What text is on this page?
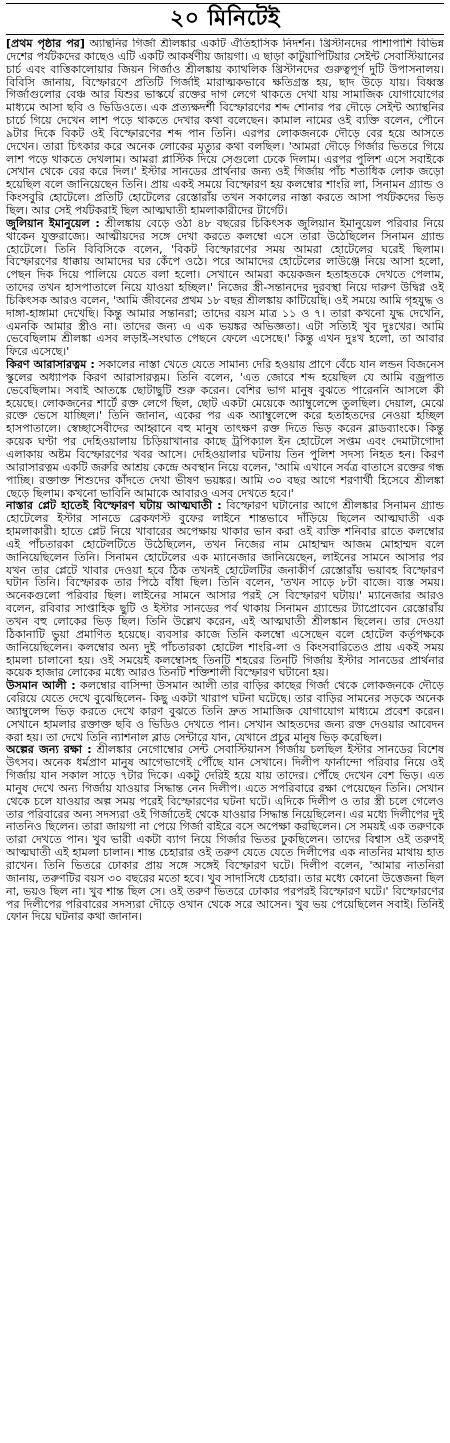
২০ মিনিটেই

[প্রথম পৃষ্ঠার পর] অ্যান্থনির গির্জা শ্রীলঙ্কার একটি ঐতিহাসিক নিদর্শন। খ্রিস্টানদের পাশাপাশি বিভিন্ন দেশের পর্যটকদের কাছেও এটি একটি আকর্ষণীয় জায়গা। এ ছাড়া কাটুয়াপিটিয়ার সেইন্ট সেবাস্টিয়ানের চার্চ এবং বাত্তিকালোয়ার জিয়ন গির্জাও শ্রীলঙ্কায় ক্যাথলিক খ্রিস্টানদের গুরুত্বপূর্ণ দুটি উপাসনালয়। বিবিসি জানায়, বিস্ফোরণে প্রতিটি গির্জাই মারাত্মকভাবে ক্ষতিগ্রস্ত হয়, ছাদ উড়ে যায়। বিধ্বস্ত গির্জাগুলোর বেঞ্চ আর যিশুর ভাস্কর্যে রক্তের দাগ লেগে থাকতে দেখা যায় সামাজিক যোগাযোগের মাধ্যমে আসা ছবি ও ভিডিওতে। এক প্রত্যক্ষদর্শী বিস্ফোরণের শব্দ শোনার পর দৌড়ে সেইন্ট অ্যান্থনির চার্চে গিয়ে দেখেন লাশ পড়ে থাকতে দেখার কথা বলেছেন। কামাল নামের ওই ব্যক্তি বলেন, পৌনে ৯টার দিকে বিকট ওই বিস্ফোরণের শব্দ পান তিনি। এরপর লোকজনকে দৌড়ে বের হয়ে আসতে দেখেন। তারা চিৎকার করে অনেক লোকের মৃত্যুর কথা বলছিল। 'আমরা দৌড়ে গির্জার ভিতরে গিয়ে লাশ পড়ে থাকতে দেখলাম। আমরা প্লাস্টিক দিয়ে সেগুলো ঢেকে দিলাম। এরপর পুলিশ এসে সবাইকে সেখান থেকে বের করে দিল।' ইস্টার সানডের প্রার্থনার জন্য ওই গির্জায় পাঁচ শতাধিক লোক জড়ো হয়েছিল বলে জানিয়েছেন তিনি। প্রায় একই সময়ে বিস্ফোরণ হয় কলম্বোর শাংরি লা, সিনামন গ্র্যান্ড ও কিংসবুরি হোটেলে। প্রতিটি হোটেলের রেস্তোরাঁয় তখন সকালের নাস্তা করতে আসা পর্যটকদের ভিড় ছিল। আর সেই পর্যটকরাই ছিল আত্মঘাতী হামলাকারীদের টার্গেট।

জুলিয়ান ইমানুয়েল : শ্রীলঙ্কায় বেড়ে ওঠা ৪৮ বছরের চিকিৎসক জুলিয়ান ইমানুয়েল পরিবার নিয়ে থাকেন যুক্তরাজ্যে। আত্মীয়দের সঙ্গে দেখা করতে কলম্বো এসে তারা উঠেছিলেন সিনামন গ্র্যান্ড হোটেলে। তিনি বিবিসিকে বলেন, 'বিকট বিস্ফোরণের সময় আমরা হোটেলের ঘরেই ছিলাম। বিস্ফোরণের ধাক্কায় আমাদের ঘর কেঁপে ওঠে। পরে আমাদের হোটেলের লাউঞ্জে নিয়ে আসা হলো, পেছন দিক দিয়ে পালিয়ে যেতে বলা হলো। সেখানে আমরা কয়েকজন হতাহতকে দেখতে পেলাম, তাদের তখন হাসপাতালে নিয়ে যাওয়া হচ্ছিল।' নিজের স্ত্রী-সন্তানদের দুরবস্থা নিয়ে দারুণ উদ্বিগ্ন ওই চিকিৎসক আরও বলেন, 'আমি জীবনের প্রথম ১৮ বছর শ্রীলঙ্কায় কাটিয়েছি। ওই সময়ে আমি গৃহযুদ্ধ ও দাঙ্গা-হাঙ্গামা দেখেছি। কিন্তু আমার সন্তানরা; তাদের বয়স মাত্র ১১ ও ৭। তারা কখনো যুদ্ধ দেখেনি, এমনকি আমার স্ত্রীও না। তাদের জন্য এ এক ভয়ঙ্কর অভিজ্ঞতা। এটা সত্যিই খুব দুঃখের। আমি ভেবেছিলাম শ্রীলঙ্কা এসব লড়াই-সংঘাত পেছনে ফেলে এসেছে।' কিন্তু এখন দুঃখ হলো, তা আবার ফিরে এসেছে।'

কিরণ আরাসারত্নম : সকালের নাস্তা খেতে যেতে সামান্য দেরি হওয়ায় প্রাণে বেঁচে যান লন্ডন বিজনেস স্কুলের অধ্যাপক কিরণ আরাসারত্নম। তিনি বলেন, 'এত জোরে শব্দ হয়েছিল যে আমি বজ্রপাত ভেবেছিলাম। সবাই আতঙ্কে ছোটাছুটি শুরু করেন। বেশির ভাগ মানুষ বুঝতে পারেননি আসলে কী হয়েছে। লোকজনের শার্টে রক্ত লেগে ছিল, ছোট একটা মেয়েকে অ্যাম্বুলেন্সে তুলছিল। দেয়াল, মেঝে রক্তে ভেসে যাচ্ছিল।' তিনি জানান, একের পর এক অ্যাম্বুলেন্সে করে হতাহতদের নেওয়া হচ্ছিল হাসপাতালে। স্বেচ্ছাসেবীদের আহ্বানে বহু মানুষ তাৎক্ষণ রক্ত দিতে ভিড় করেন ব্লাডব্যাংকে। কিন্তু কয়েক ঘণ্টা পর দেহিওয়ালায় চিড়িয়াখানার কাছে ট্রপিক্যাল ইন হোটেলে সপ্তম এবং দেমাটাগোদা এলাকায় অষ্টম বিস্ফোরণের খবর আসে। দেহিওয়ালার ঘটনায় তিন পুলিশ সদস্য নিহত হন। কিরণ আরাসারত্নম একটি জরুরি আশ্রয় কেন্দ্রে অবস্থান নিয়ে বলেন, 'আমি এখানে সর্বত্র বাতাসে রক্তের গন্ধ পাচ্ছি। রক্তাক্ত শিশুদের কাঁদতে দেখা ভীষণ ভয়ঙ্কর। আমি ৩০ বছর আগে শরণার্থী হিসেবে শ্রীলঙ্কা ছেড়ে ছিলাম। কখনো ভাবিনি আমাকে আবারও এসব দেখতে হবে।'

নাস্তার প্লেট হাতেই বিস্ফোরণ ঘটায় আত্মঘাতী : বিস্ফোরণ ঘটানোর আগে শ্রীলঙ্কার সিনামন গ্র্যান্ড হোটেলের ইস্টার সানডে ব্রেকফাস্ট বুফের লাইনে শান্তভাবে দাঁড়িয়ে ছিলেন আত্মঘাতী এক হামলাকারী। হাতে প্লেট নিয়ে খাবারের অপেক্ষায় থাকার ভান করা ওই ব্যক্তি শনিবার রাতে কলম্বোর এই পাঁচতারকা হোটেলটিতে উঠেছিলেন, তখন নিজের নাম মোহাম্মদ আজম মোহাম্মদ বলে জানিয়েছিলেন তিনি। সিনামন হোটেলের এক ম্যানেজার জানিয়েছেন, লাইনের সামনে আসার পর যখন তার প্লেটে খাবার দেওয়া হবে ঠিক তখনই হোটেলটির জনাকীর্ণ রেস্তোরাঁয় ভয়াবহ বিস্ফোরণ ঘটান তিনি। বিস্ফোরক তার পিঠে বাঁধা ছিল। তিনি বলেন, 'তখন সাড়ে ৮টা বাজে। ব্যস্ত সময়। অনেকগুলো পরিবার ছিল। লাইনের সামনে আসার পরই সে বিস্ফোরণ ঘটায়।' ম্যানেজার আরও বলেন, রবিবার সাপ্তাহিক ছুটি ও ইস্টার সানডের পর্ব থাকায় সিনামন গ্র্যান্ডের ট্যাপ্রোবেন রেস্তোরাঁয় তখন বহু লোকের ভিড় ছিল। তিনি উল্লেখ করেন, এই আত্মঘাতী শ্রীলঙ্কান ছিলেন। তার দেওয়া ঠিকানাটি ভুয়া প্রমাণিত হয়েছে। ব্যবসার কাজে তিনি কলম্বো এসেছেন বলে হোটেল কর্তৃপক্ষকে জানিয়েছিলেন। কলম্বোর অন্য দুই পাঁচতারকা হোটেল শাংরি-লা ও কিংসবারিতেও প্রায় একই সময় হামলা চালানো হয়। ওই সময়েই কলম্বোসহ তিনটি শহরের তিনটি গির্জায় ইস্টার সানডের প্রার্থনার কয়েক হাজার লোকের মধ্যে আরও তিনটি শক্তিশালী বিস্ফোরণ ঘটানো হয়।

উসমান আলী : কলম্বোর বাসিন্দা উসমান আলী তার বাড়ির কাছের গির্জা থেকে লোকজনকে দৌড়ে বেরিয়ে যেতে দেখে বুঝেছিলেন- কিছু একটা খারাপ ঘটনা ঘটেছে। তার বাড়ির সামনের সড়কে অনেক অ্যাম্বুলেন্স ভিড় করতে দেখে কারণ বুঝতে তিনি দ্রুত সামাজিক যোগাযোগ মাধ্যমে প্রবেশ করেন। সেখানে হামলার রক্তাক্ত ছবি ও ভিডিও দেখতে পান। সেখান আহতদের জন্য রক্ত দেওয়ার আবেদন করা হয়। তা দেখে তিনি ন্যাশনাল ব্লাড সেন্টারে যান, যেখানে প্রচুর মানুষ ভিড় করেছিল।

অল্পের জন্য রক্ষা : শ্রীলঙ্কার নেগোম্বোর সেন্ট সেবাস্টিয়ানস গির্জায় চলছিল ইস্টার সানডের বিশেষ উৎসব। অনেক ধর্মপ্রাণ মানুষ আগেভাগেই পৌঁছে যান সেখানে। দিলীপ ফার্নান্দো পরিবার নিয়ে ওই গির্জায় যান সকাল সাড়ে ৭টার দিকে। একটু দেরিই হয়ে যায় তাদের। পৌঁছে দেখেন বেশ ভিড়। এত মানুষ দেখে অন্য গির্জায় যাওয়ার সিদ্ধান্ত নেন দিলীপ। এতে সপরিবারে রক্ষা পেয়েছেন তিনি। সেখান থেকে চলে যাওয়ার অল্প সময় পরেই বিস্ফোরণের ঘটনা ঘটে। এদিকে দিলীপ ও তার স্ত্রী চলে গেলেও তার পরিবারের অন্য সদস্যরা ওই গির্জাতেই থেকে যাওয়ার সিদ্ধান্ত নিয়েছিলেন। এর মধ্যে দিলীপের দুই নাতনিও ছিলেন। তারা জায়গা না পেয়ে গির্জা বাইরে বসে অপেক্ষা করছিলেন। সে সময়ই এক তরুণকে তারা দেখতে পান। খুব ভারী একটা ব্যাগ নিয়ে গির্জার ভিতর ঢুকছিলেন। তাদের বিশ্বাস ওই তরুণই আত্মঘাতী এই হামলা চালান। শান্ত চেহারার ওই তরুণ যেতে যেতে দিলীপের এক নাতনির মাথায় হাত রাখেন। তিনি ভিতরে ঢোকার প্রায় সঙ্গে সঙ্গেই বিস্ফোরণ ঘটে। দিলীপ বলেন, 'আমার নাতনিরা জানায়, তরুণটির বয়স ৩০ বছরের মতো হবে। খুব সাদাসিধে চেহারা। তার মধ্যে কোনো উত্তেজনা ছিল না, ভয়ও ছিল না। খুব শান্ত ছিল সে। ওই তরুণ ভিতরে ঢোকার পরপরই বিস্ফোরণ ঘটে।' বিস্ফোরণের পর দিলীপের পরিবারের সদস্যরা দৌড়ে ওখান থেকে সরে আসেন। খুব ভয় পেয়েছিলেন সবাই। তিনিই ফোন দিয়ে ঘটনার কথা জানান।
